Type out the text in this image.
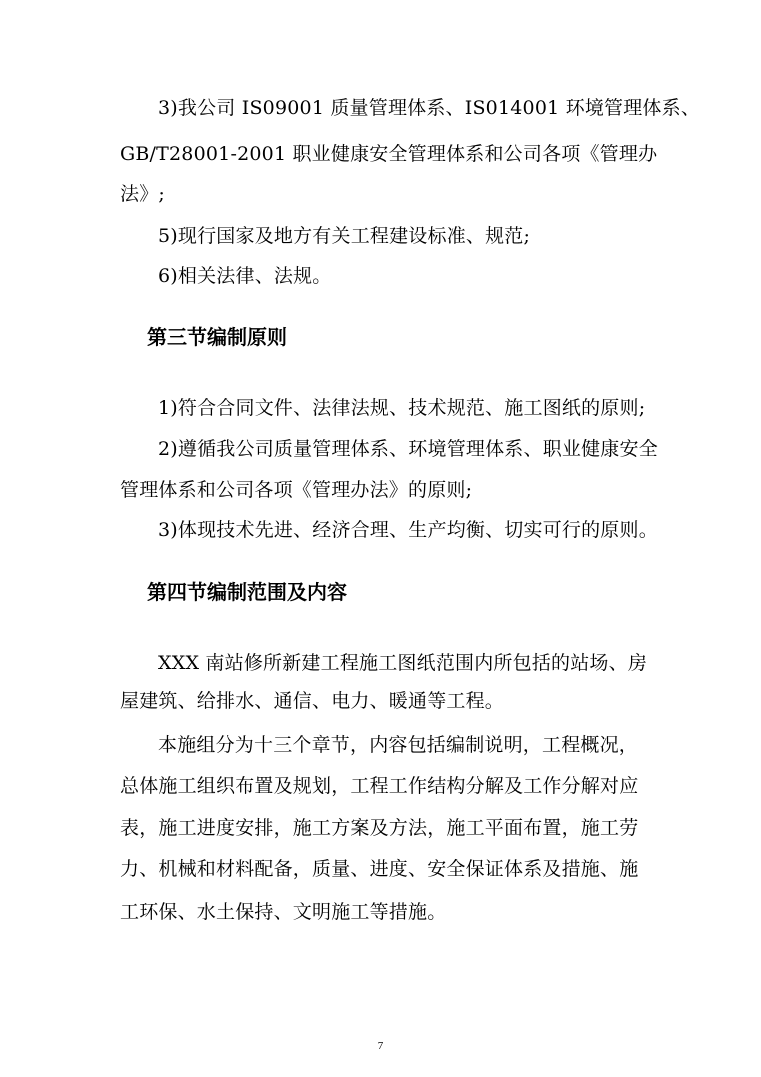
3)我公司 IS09001 质量管理体系、IS014001 环境管理体系、
GB/T28001-2001 职业健康安全管理体系和公司各项《管理办
法》;
5)现行国家及地方有关工程建设标准、规范;
6)相关法律、法规。
第三节编制原则
1)符合合同文件、法律法规、技术规范、施工图纸的原则;
2)遵循我公司质量管理体系、环境管理体系、职业健康安全
管理体系和公司各项《管理办法》的原则;
3)体现技术先进、经济合理、生产均衡、切实可行的原则。
第四节编制范围及内容
XXX 南站修所新建工程施工图纸范围内所包括的站场、房
屋建筑、给排水、通信、电力、暖通等工程。
本施组分为十三个章节，内容包括编制说明，工程概况，
总体施工组织布置及规划，工程工作结构分解及工作分解对应
表，施工进度安排，施工方案及方法，施工平面布置，施工劳
力、机械和材料配备，质量、进度、安全保证体系及措施、施
工环保、水土保持、文明施工等措施。
7
